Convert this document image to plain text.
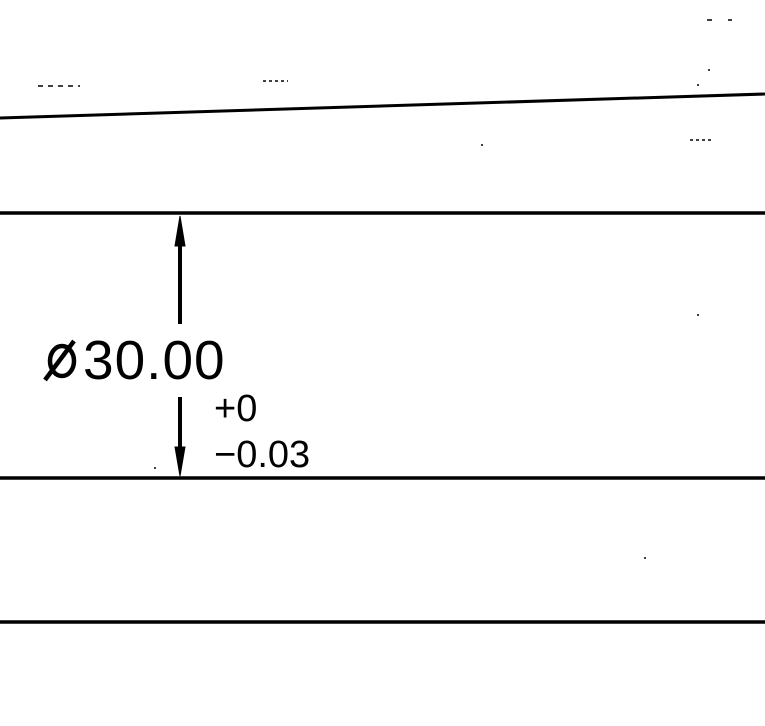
30.00
+0
−0.03
